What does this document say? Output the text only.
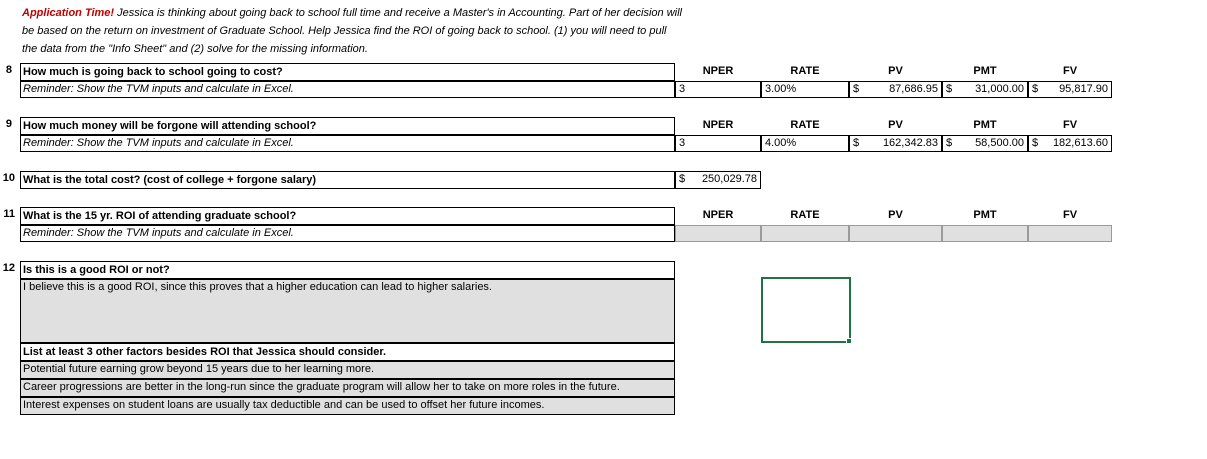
Application Time! Jessica is thinking about going back to school full time and receive a Master's in Accounting. Part of her decision will be based on the return on investment of Graduate School. Help Jessica find the ROI of going back to school. (1) you will need to pull the data from the "Info Sheet" and (2) solve for the missing information.
8 How much is going back to school going to cost?
Reminder: Show the TVM inputs and calculate in Excel.
NPER	RATE	PV	PMT	FV
3	3.00%	$	87,686.95 $ 31,000.00 $ 95,817.90
9 How much money will be forgone will attending school?
Reminder: Show the TVM inputs and calculate in Excel.
NPER	RATE	PV	PMT	FV
3	4.00%	$ 162,342.83 $ 58,500.00 $ 182,613.60
10 What is the total cost? (cost of college + forgone salary)	$ 250,029.78
11 What is the 15 yr. ROI of attending graduate school?
Reminder: Show the TVM inputs and calculate in Excel.
NPER	RATE	PV	PMT	FV
12 Is this is a good ROI or not?
I believe this is a good ROI, since this proves that a higher education can lead to higher salaries.
List at least 3 other factors besides ROI that Jessica should consider.
Potential future earning grow beyond 15 years due to her learning more.
Career progressions are better in the long-run since the graduate program will allow her to take on more roles in the future.
Interest expenses on student loans are usually tax deductible and can be used to offset her future incomes.
